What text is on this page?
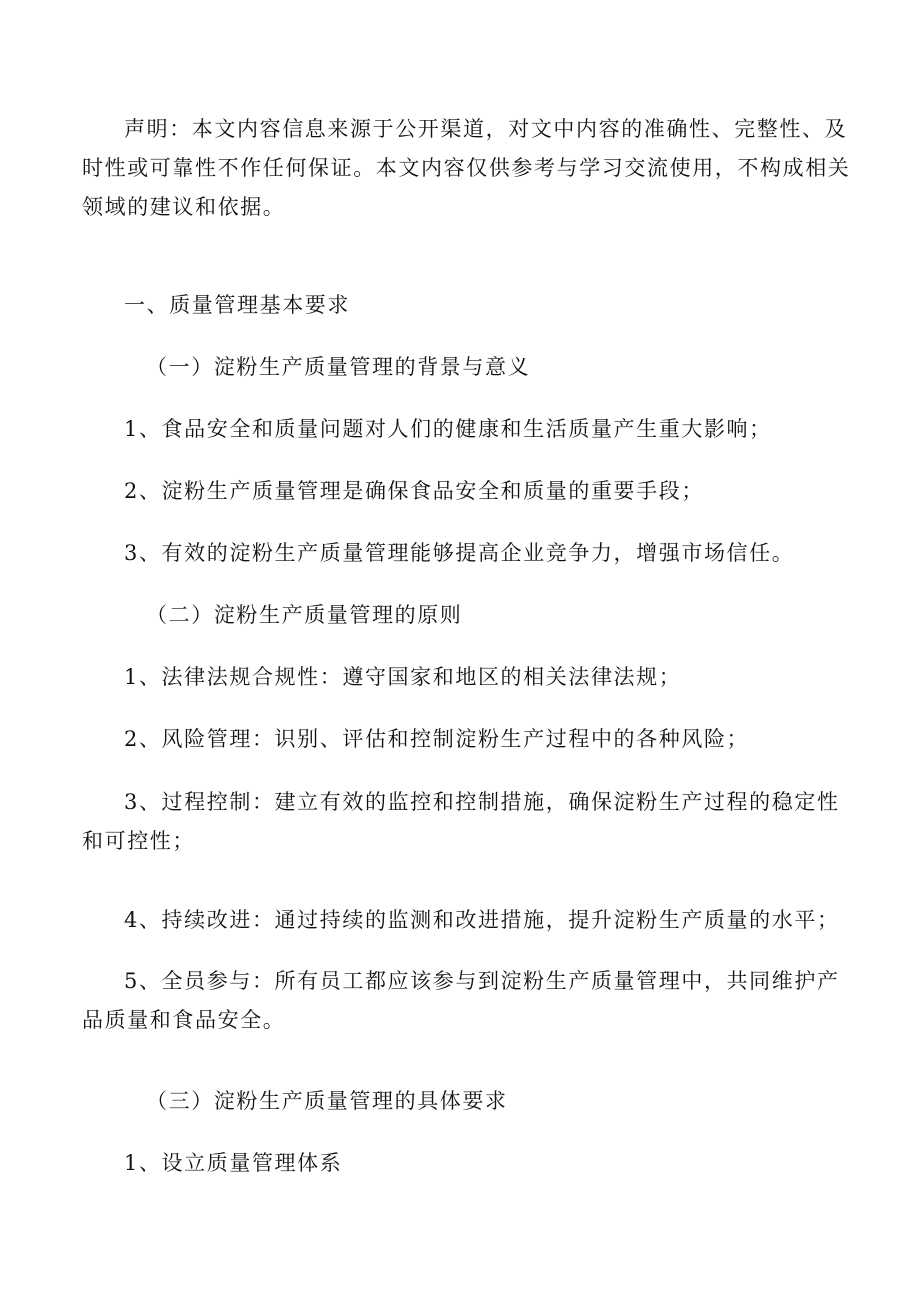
声明：本文内容信息来源于公开渠道，对文中内容的准确性、完整性、及时性或可靠性不作任何保证。本文内容仅供参考与学习交流使用，不构成相关领域的建议和依据。
一、质量管理基本要求
（一）淀粉生产质量管理的背景与意义
1、食品安全和质量问题对人们的健康和生活质量产生重大影响；
2、淀粉生产质量管理是确保食品安全和质量的重要手段；
3、有效的淀粉生产质量管理能够提高企业竞争力，增强市场信任。
（二）淀粉生产质量管理的原则
1、法律法规合规性：遵守国家和地区的相关法律法规；
2、风险管理：识别、评估和控制淀粉生产过程中的各种风险；
3、过程控制：建立有效的监控和控制措施，确保淀粉生产过程的稳定性和可控性；
4、持续改进：通过持续的监测和改进措施，提升淀粉生产质量的水平；
5、全员参与：所有员工都应该参与到淀粉生产质量管理中，共同维护产品质量和食品安全。
（三）淀粉生产质量管理的具体要求
1、设立质量管理体系
